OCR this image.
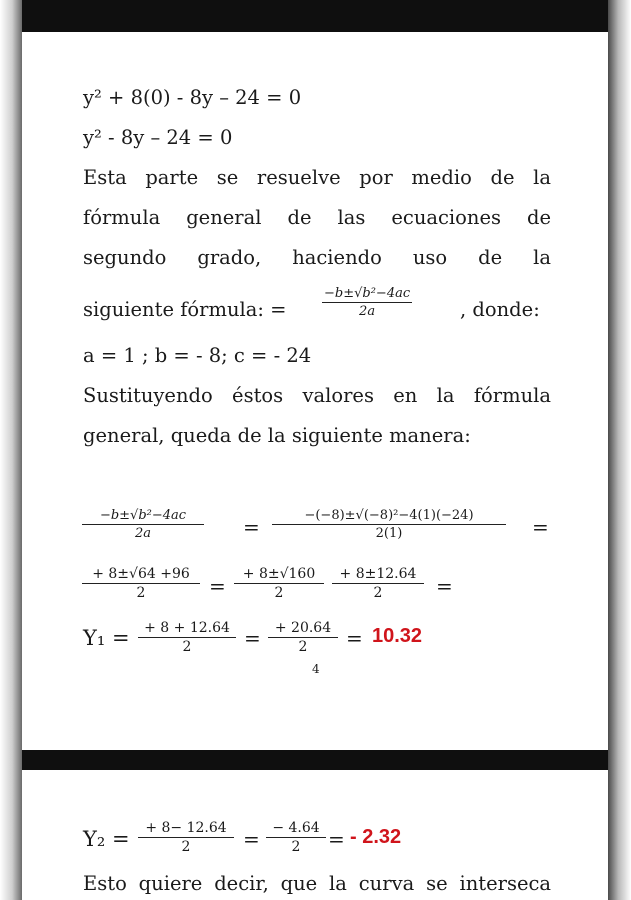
y² + 8(0) - 8y – 24 = 0
y² - 8y – 24 = 0
Esta parte se resuelve por medio de la
fórmula general de las ecuaciones de
segundo grado, haciendo uso de la
siguiente fórmula: =	$\frac{\text{−b±√b²−4ac}}{2a}$ , donde:
a = 1 ; b = - 8; c = - 24
Sustituyendo éstos valores en la fórmula
general, queda de la siguiente manera:
$\frac{\text{−b±√b²−4ac}}{2a} = \frac{\text{−(−8)±√(−8)²−4(1)(−24)}}{2(1)}$ =
$\frac{+ 8\pm√64 +96}{2} = \frac{+ 8\pm√160}{2} \frac{+ 8\pm 12.64}{2}$ =
$Y_1 = \frac{+ 8 + 12.64}{2} = \frac{+ 20.64}{2}$
4
= 10.32
$Y_2 = \frac{+ 8- 12.64}{2} = \frac{- 4.64}{2}$ = - 2.32
Esto quiere decir, que la curva se interseca
